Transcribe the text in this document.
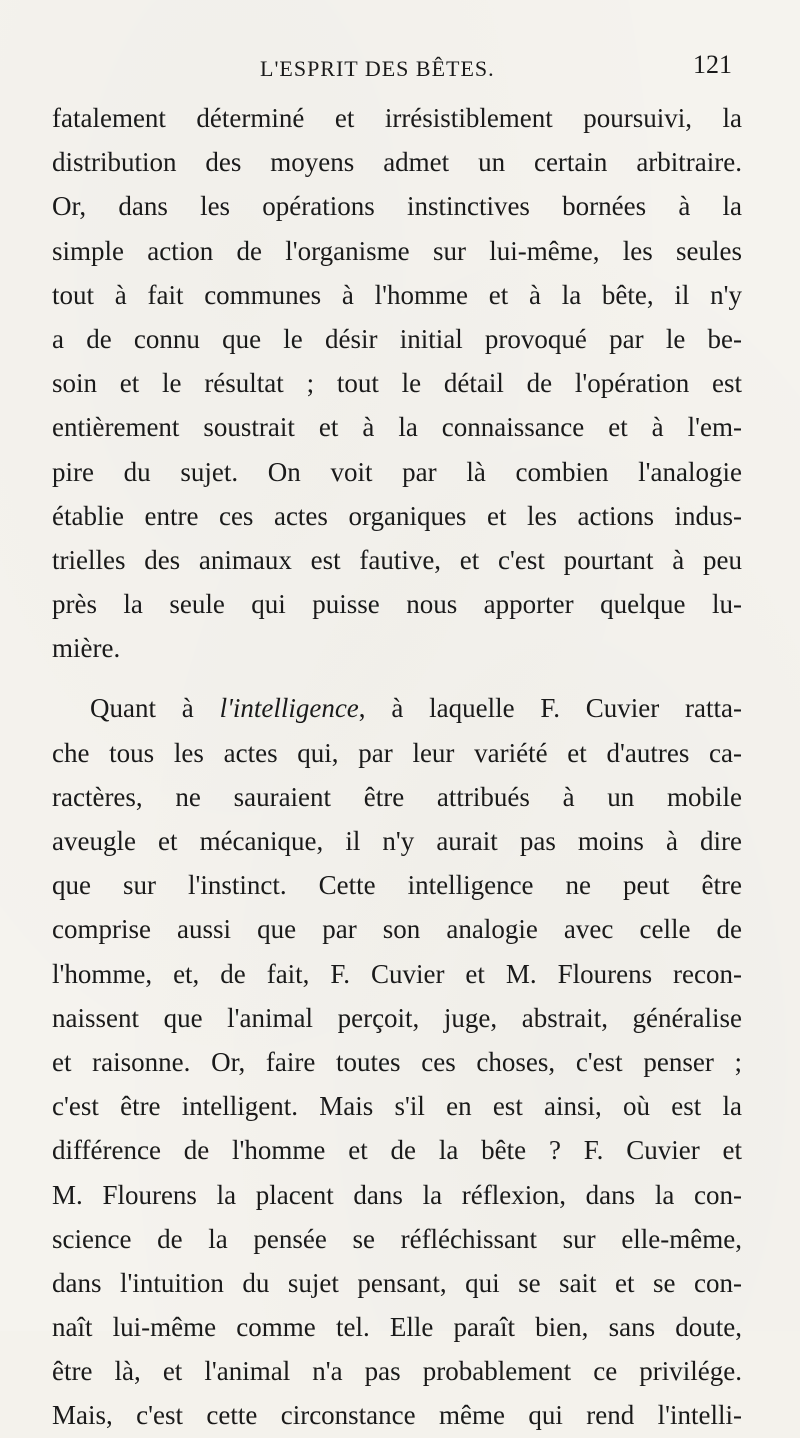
L'ESPRIT DES BÊTES.	121
fatalement déterminé et irrésistiblement poursuivi, la
distribution des moyens admet un certain arbitraire.
Or, dans les opérations instinctives bornées à la
simple action de l'organisme sur lui-même, les seules
tout à fait communes à l'homme et à la bête, il n'y
a de connu que le désir initial provoqué par le be-
soin et le résultat ; tout le détail de l'opération est
entièrement soustrait et à la connaissance et à l'em-
pire du sujet. On voit par là combien l'analogie
établie entre ces actes organiques et les actions indus-
trielles des animaux est fautive, et c'est pourtant à peu
près la seule qui puisse nous apporter quelque lu-
mière.
Quant à l'intelligence, à laquelle F. Cuvier ratta-
che tous les actes qui, par leur variété et d'autres ca-
ractères, ne sauraient être attribués à un mobile
aveugle et mécanique, il n'y aurait pas moins à dire
que sur l'instinct. Cette intelligence ne peut être
comprise aussi que par son analogie avec celle de
l'homme, et, de fait, F. Cuvier et M. Flourens recon-
naissent que l'animal perçoit, juge, abstrait, généralise
et raisonne. Or, faire toutes ces choses, c'est penser ;
c'est être intelligent. Mais s'il en est ainsi, où est la
différence de l'homme et de la bête ? F. Cuvier et
M. Flourens la placent dans la réflexion, dans la con-
science de la pensée se réfléchissant sur elle-même,
dans l'intuition du sujet pensant, qui se sait et se con-
naît lui-même comme tel. Elle paraît bien, sans doute,
être là, et l'animal n'a pas probablement ce privilége.
Mais, c'est cette circonstance même qui rend l'intelli-
